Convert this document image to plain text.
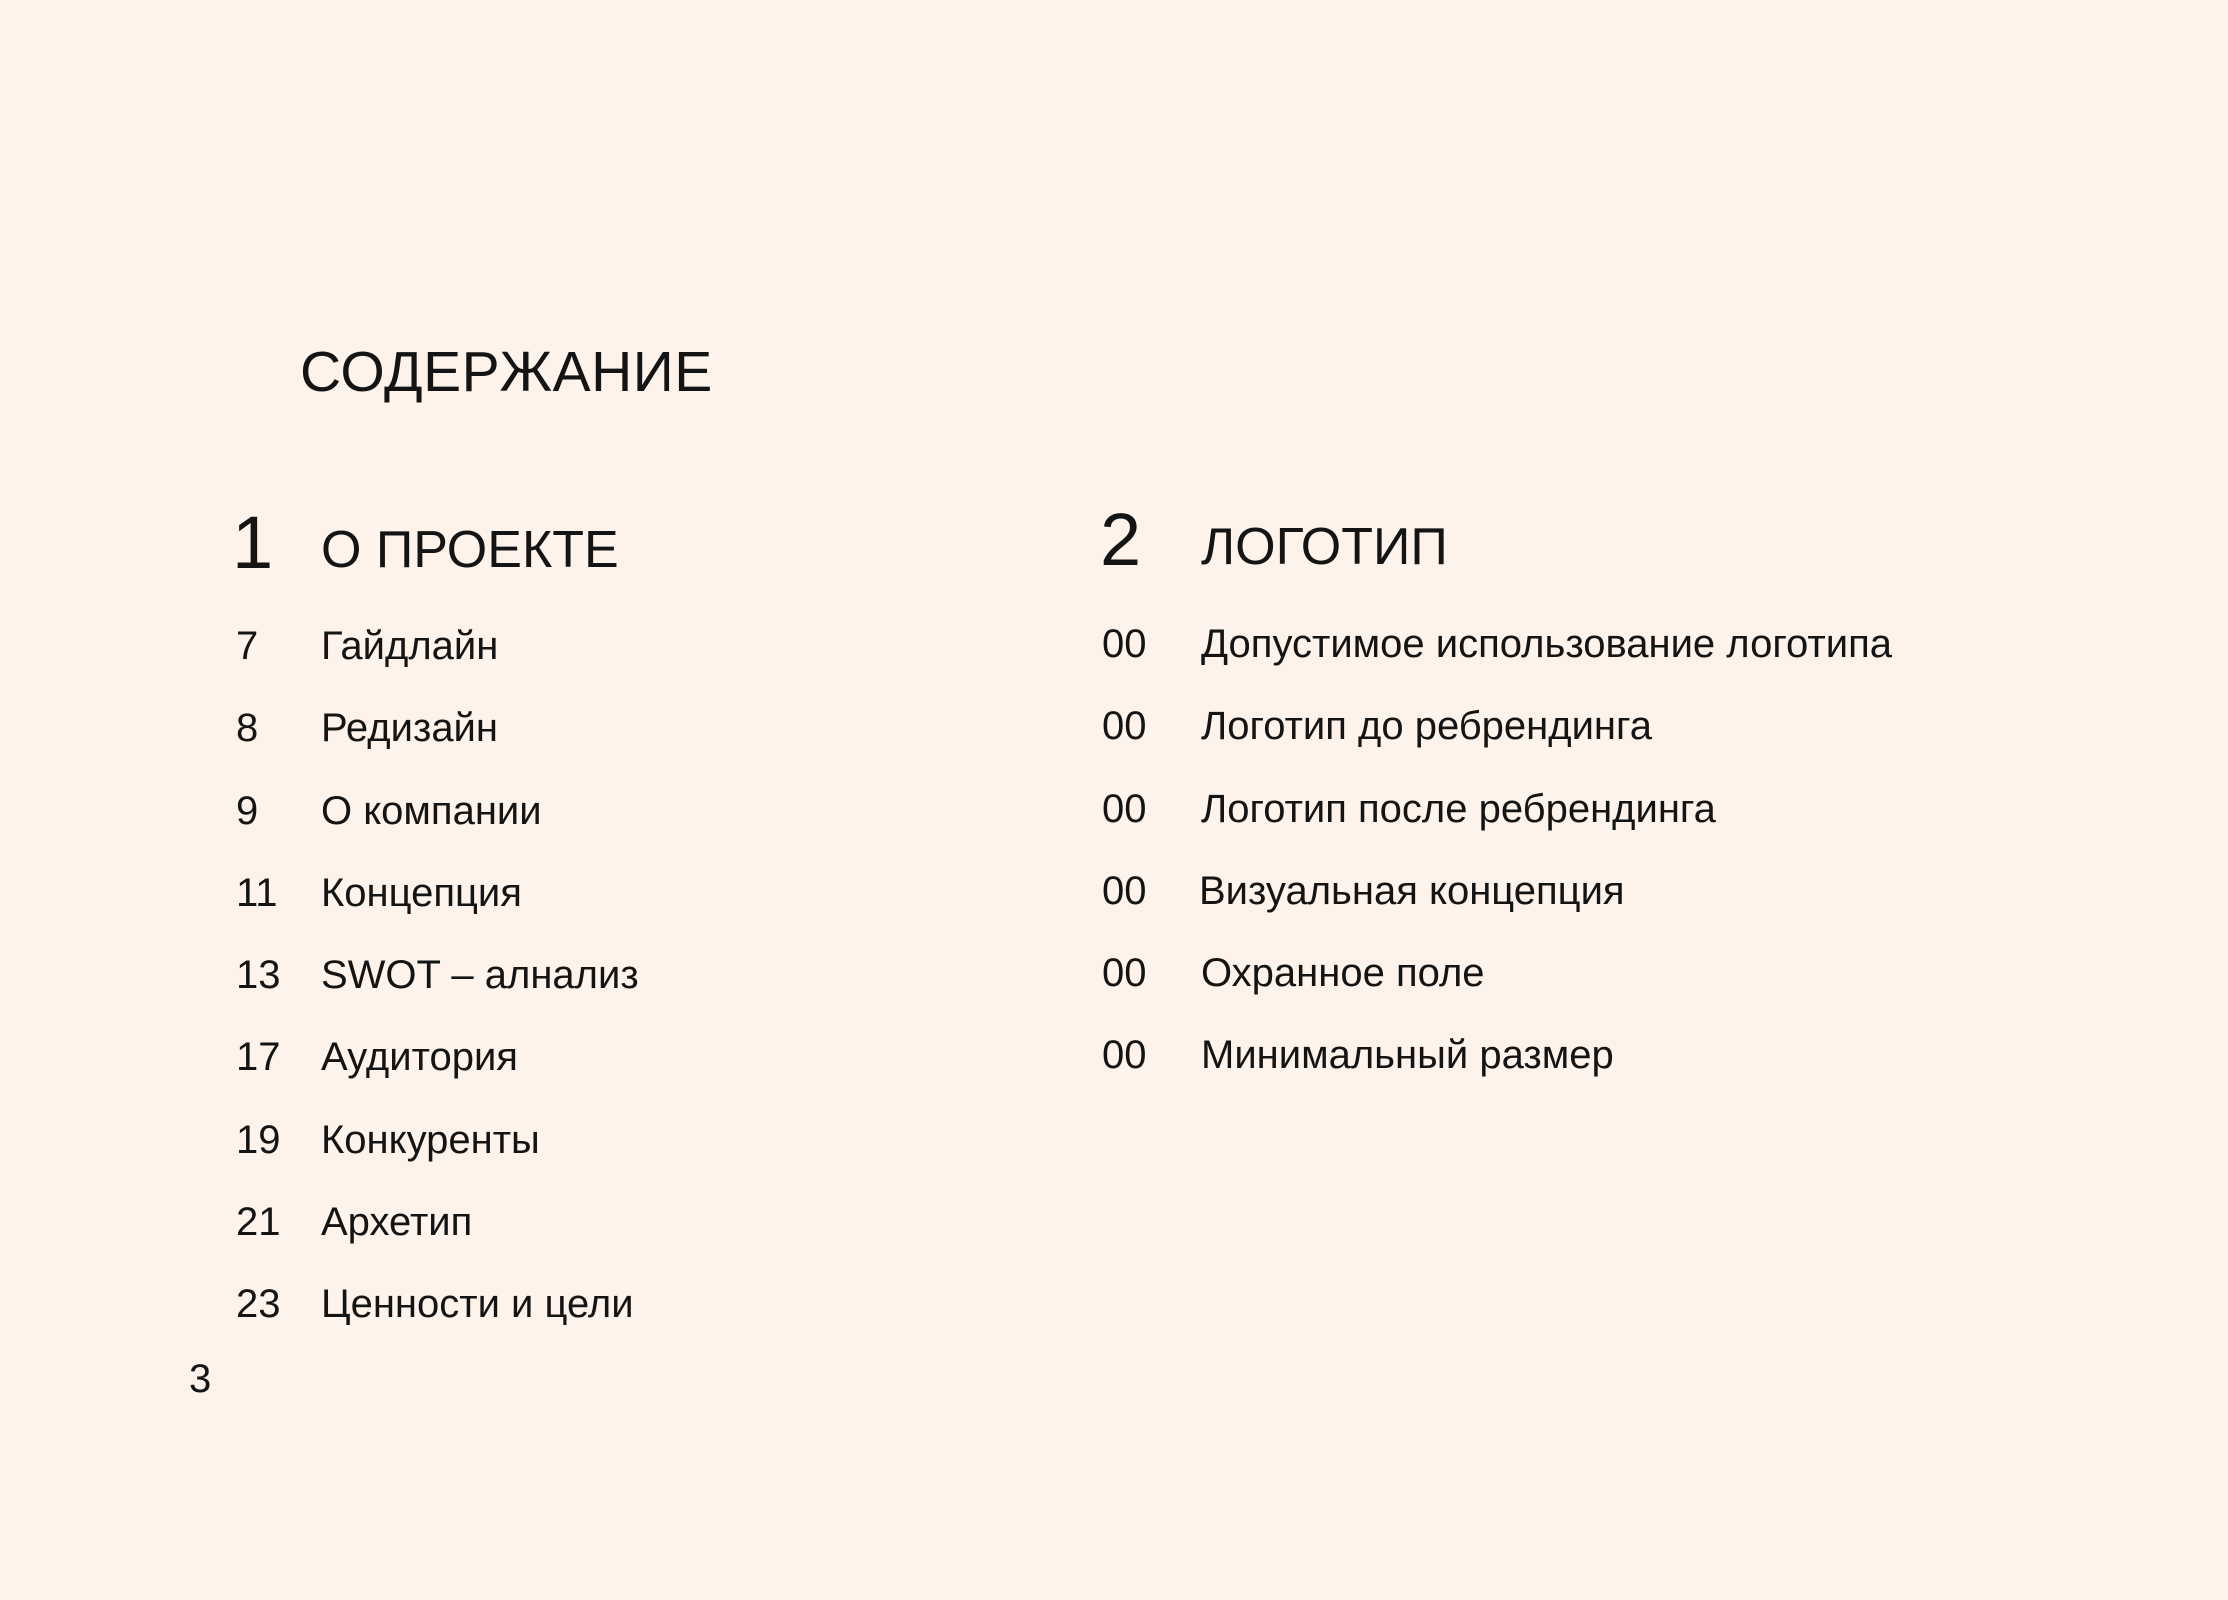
СОДЕРЖАНИЕ
1 О ПРОЕКТЕ
7 Гайдлайн
8 Редизайн
9 О компании
11 Концепция
13 SWOT – алнализ
17 Аудитория
19 Конкуренты
21 Архетип
23 Ценности и цели
2 ЛОГОТИП
00 Допустимое использование логотипа
00 Логотип до ребрендинга
00 Логотип после ребрендинга
00 Визуальная концепция
00 Охранное поле
00 Минимальный размер
3
